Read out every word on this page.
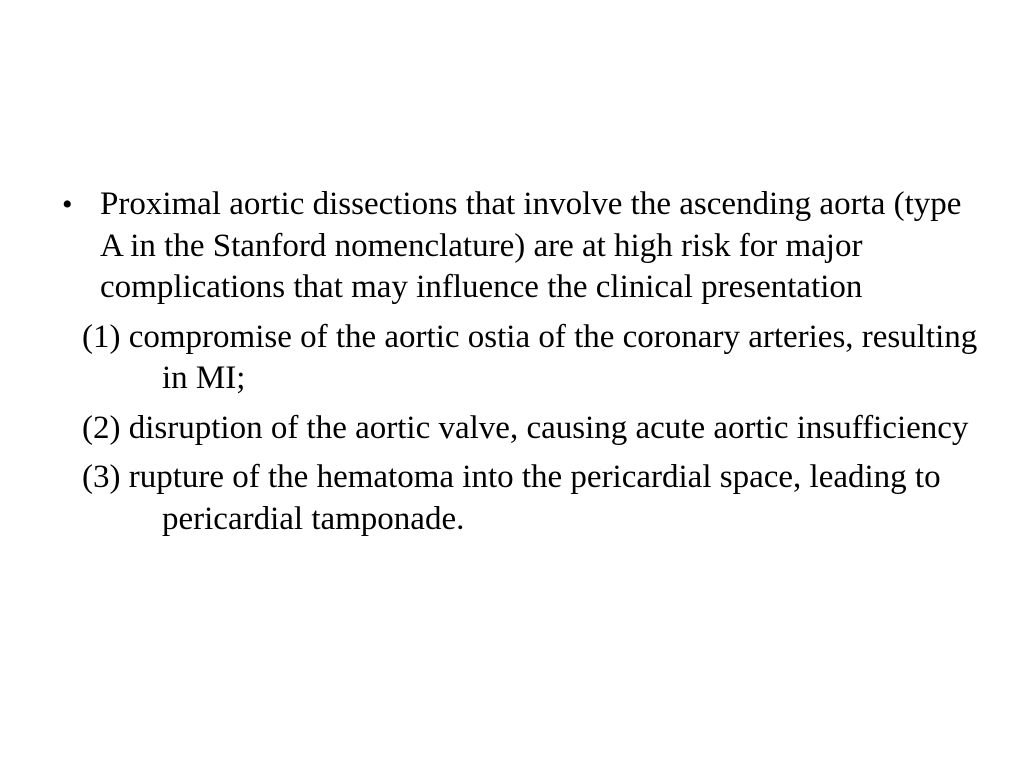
• Proximal aortic dissections that involve the ascending aorta (type A in the Stanford nomenclature) are at high risk for major complications that may influence the clinical presentation
(1) compromise of the aortic ostia of the coronary arteries, resulting in MI;
(2) disruption of the aortic valve, causing acute aortic insufficiency
(3) rupture of the hematoma into the pericardial space, leading to pericardial tamponade.
